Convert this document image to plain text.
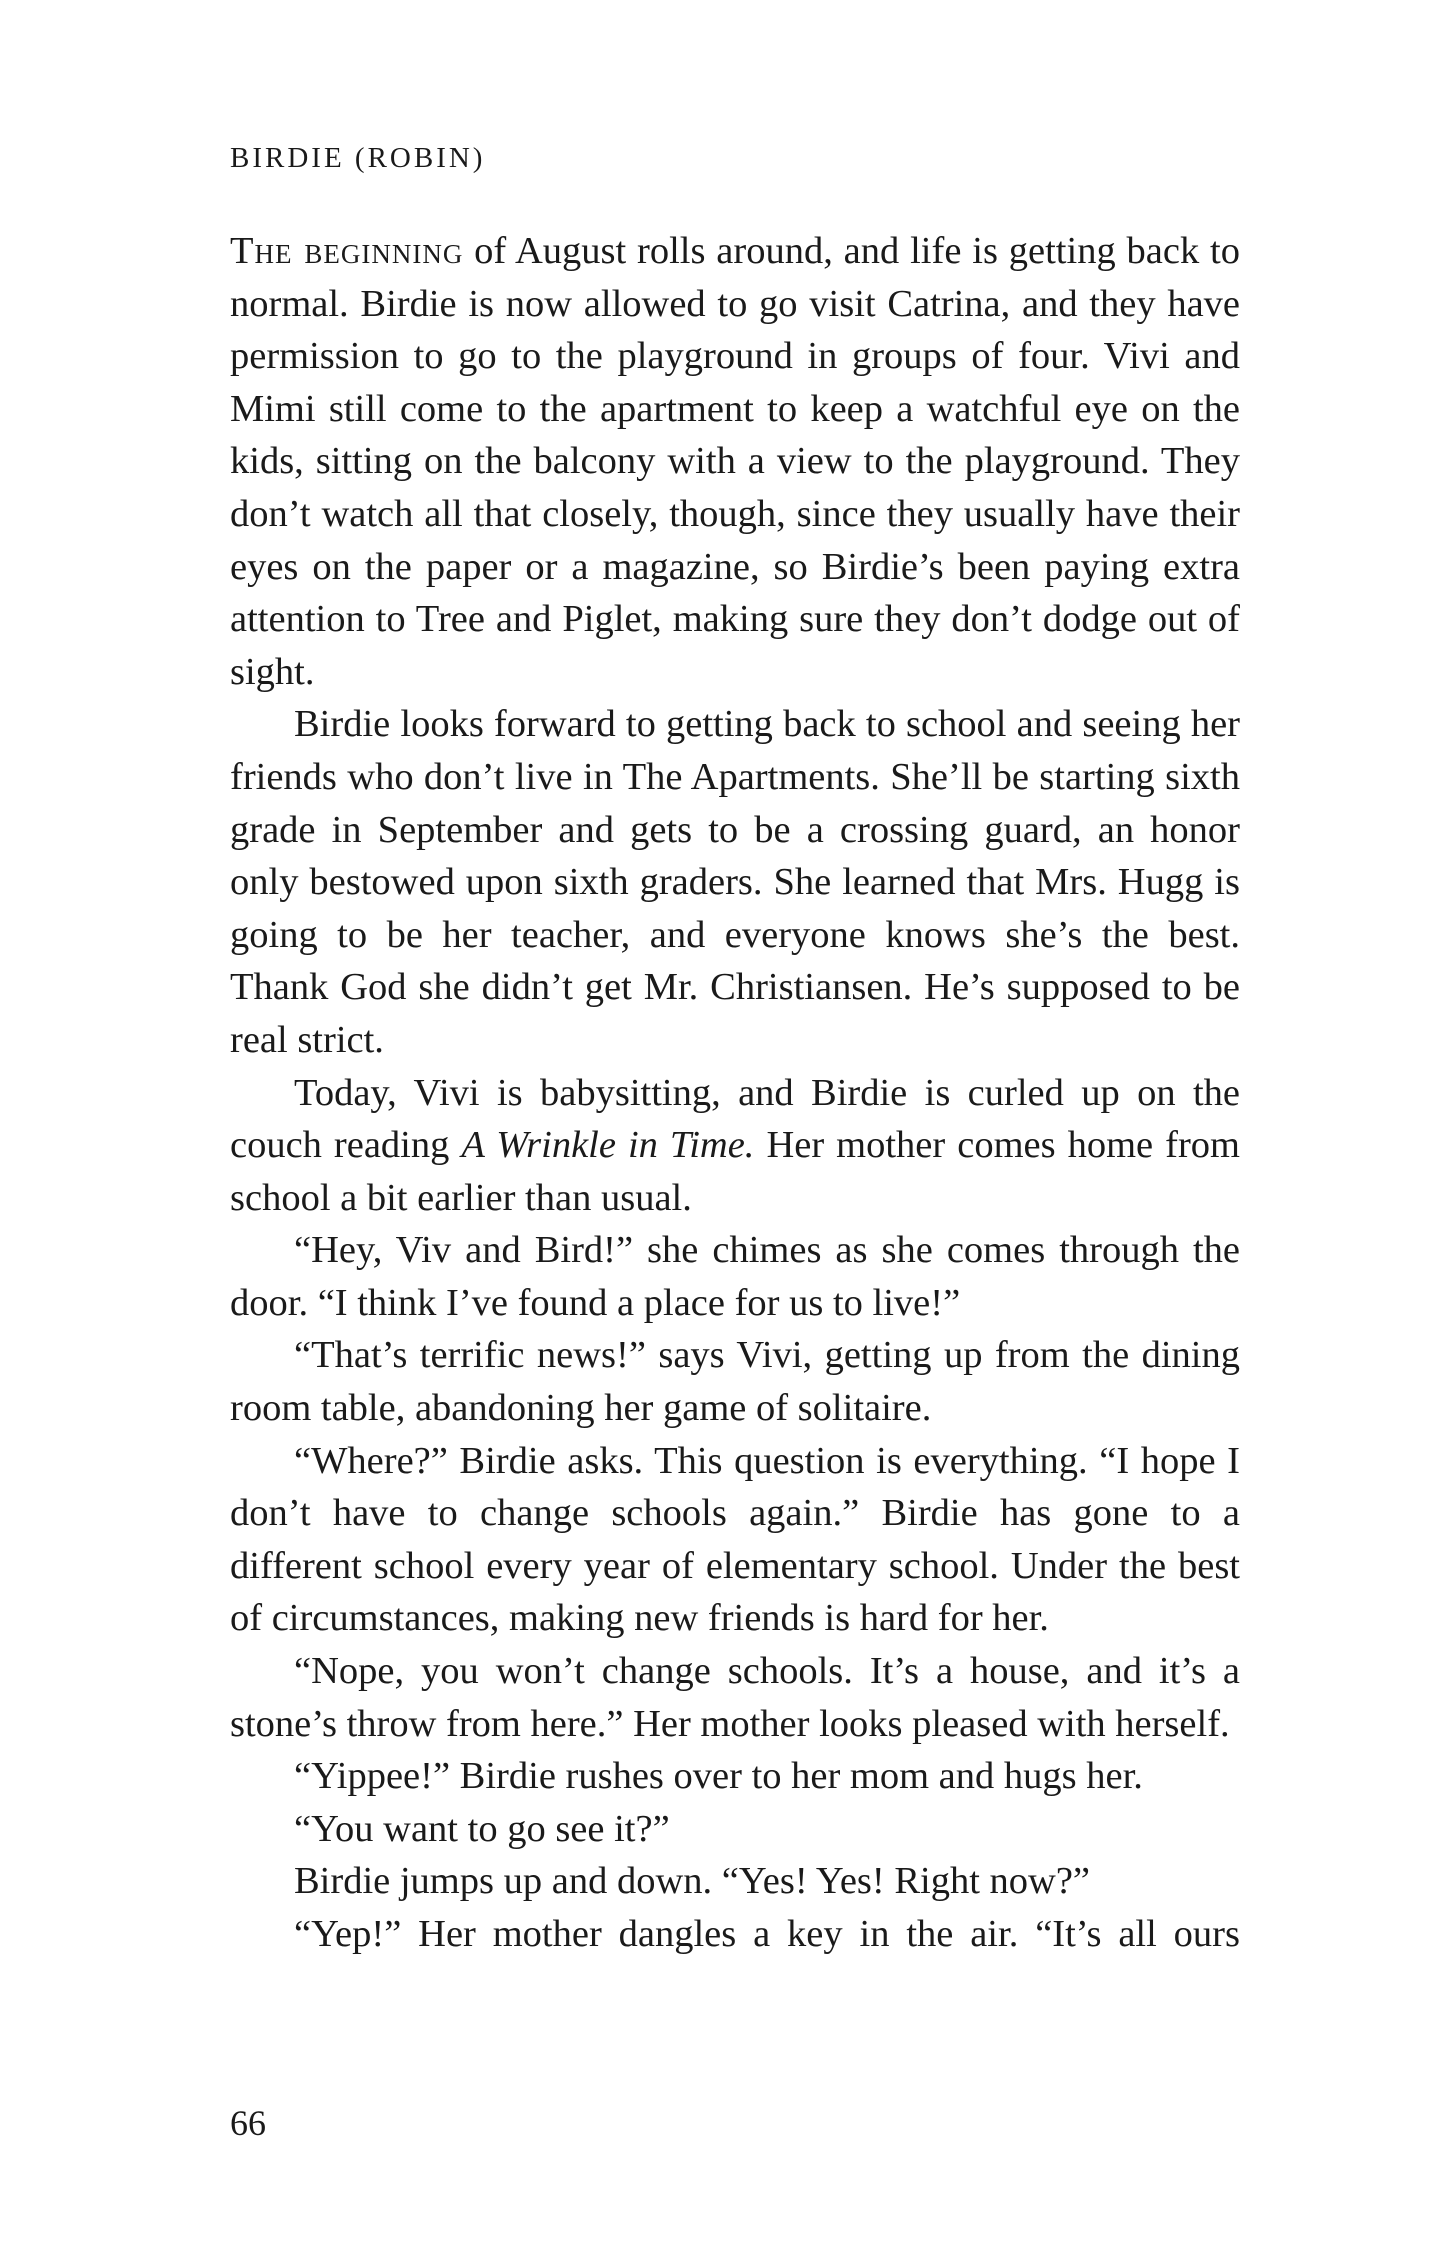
BIRDIE (ROBIN)

The beginning of August rolls around, and life is getting back to normal. Birdie is now allowed to go visit Catrina, and they have permission to go to the playground in groups of four. Vivi and Mimi still come to the apartment to keep a watchful eye on the kids, sitting on the balcony with a view to the playground. They don’t watch all that closely, though, since they usually have their eyes on the paper or a magazine, so Birdie’s been paying extra attention to Tree and Piglet, making sure they don’t dodge out of sight.

Birdie looks forward to getting back to school and seeing her friends who don’t live in The Apartments. She’ll be starting sixth grade in September and gets to be a crossing guard, an honor only bestowed upon sixth graders. She learned that Mrs. Hugg is going to be her teacher, and everyone knows she’s the best. Thank God she didn’t get Mr. Christiansen. He’s supposed to be real strict.

Today, Vivi is babysitting, and Birdie is curled up on the couch reading A Wrinkle in Time. Her mother comes home from school a bit earlier than usual.

“Hey, Viv and Bird!” she chimes as she comes through the door. “I think I’ve found a place for us to live!”

“That’s terrific news!” says Vivi, getting up from the dining room table, abandoning her game of solitaire.

“Where?” Birdie asks. This question is everything. “I hope I don’t have to change schools again.” Birdie has gone to a different school every year of elementary school. Under the best of circumstances, making new friends is hard for her.

“Nope, you won’t change schools. It’s a house, and it’s a stone’s throw from here.” Her mother looks pleased with herself.

“Yippee!” Birdie rushes over to her mom and hugs her.

“You want to go see it?”

Birdie jumps up and down. “Yes! Yes! Right now?”

“Yep!” Her mother dangles a key in the air. “It’s all ours

66
